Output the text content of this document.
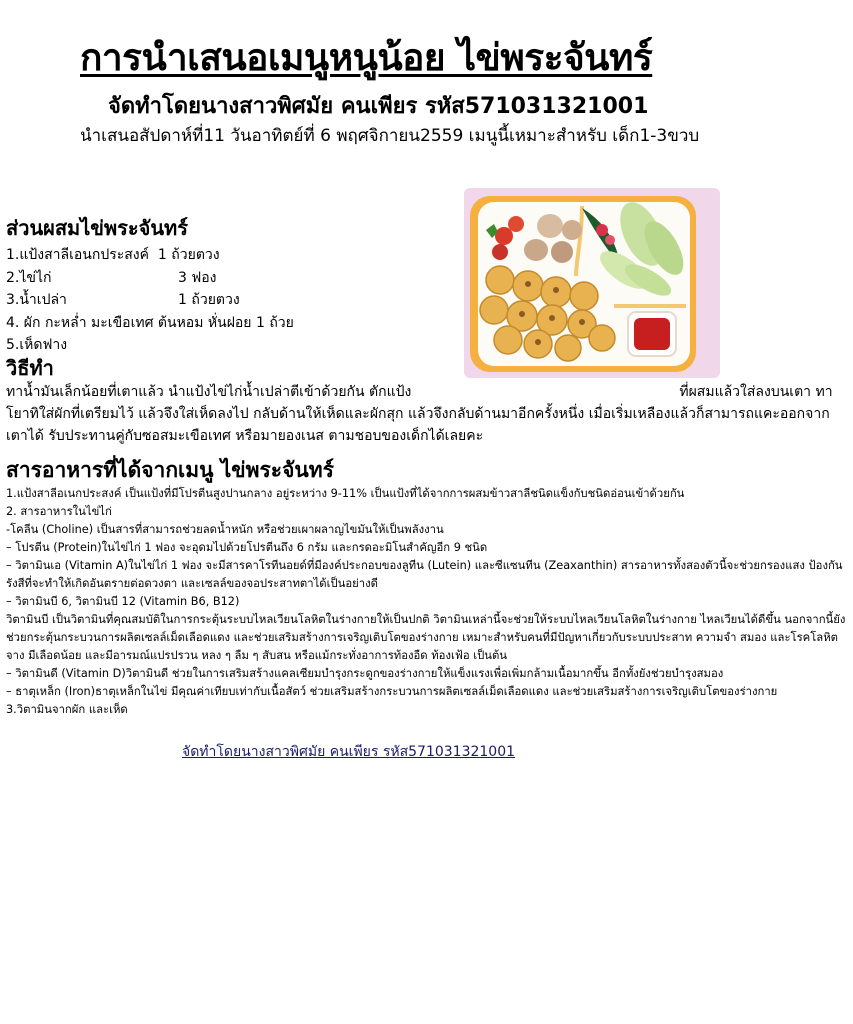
การนำเสนอเมนูหนูน้อย ไข่พระจันทร์
จัดทำโดยนางสาวพิศมัย คนเพียร รหัส571031321001
นำเสนอสัปดาห์ที่11 วันอาทิตย์ที่ 6 พฤศจิกายน2559 เมนูนี้เหมาะสำหรับ เด็ก1-3ขวบ
ส่วนผสมไข่พระจันทร์
1.แป้งสาลีเอนกประสงค์ 1 ถ้วยตวง
2.ไข่ไก่	3 ฟอง
3.น้ำเปล่า	1 ถ้วยตวง
4. ผัก กะหล่ำ มะเขือเทศ ต้นหอม หั่นฝอย 1 ถ้วย
5.เห็ดฟาง
วิธีทำ
ทาน้ำมันเล็กน้อยที่เตาแล้ว นำแป้งไข่ไก่น้ำเปล่าตีเข้าด้วยกัน ตักแป้ง	ที่ผสมแล้วใส่ลงบนเตา ทาโยาทิใส่ผักที่เตรียมไว้ แล้วจึงใส่เห็ดลงไป กลับด้านให้เห็ดและผักสุก แล้วจึงกลับด้านมาอีกครั้งหนึ่ง เมื่อเริ่มเหลืองแล้วก็สามารถแคะออกจากเตาได้ รับประทานคู่กับซอสมะเขือเทศ หรือมายองเนส ตามชอบของเด็กได้เลยคะ
สารอาหารที่ได้จากเมนู ไข่พระจันทร์

1.แป้งสาลีอเนกประสงค์ เป็นแป้งที่มีโปรตีนสูงปานกลาง อยู่ระหว่าง 9-11% เป็นแป้งที่ได้จากการผสมข้าวสาลีชนิดแข็งกับชนิดอ่อนเข้าด้วยกัน

2. สารอาหารในไข่ไก่

-โคลีน (Choline) เป็นสารที่สามารถช่วยลดน้ำหนัก หรือช่วยเผาผลาญไขมันให้เป็นพลังงาน

– โปรตีน (Protein)ในไข่ไก่ 1 ฟอง จะอุดมไปด้วยโปรตีนถึง 6 กรัม และกรดอะมิโนสำคัญอีก 9 ชนิด

– วิตามินเอ (Vitamin A)ในไข่ไก่ 1 ฟอง จะมีสารคาโรทีนอยด์ที่มีองค์ประกอบของลูทีน (Lutein) และซีแซนทีน (Zeaxanthin) สารอาหารทั้งสองตัวนี้จะช่วยกรองแสง ป้องกันรังสีที่จะทำให้เกิดอันตรายต่อดวงตา และเซลล์ของจอประสาทตาได้เป็นอย่างดี

– วิตามินบี 6, วิตามินบี 12 (Vitamin B6, B12)

วิตามินบี เป็นวิตามินที่คุณสมบัติในการกระตุ้นระบบไหลเวียนโลหิตในร่างกายให้เป็นปกติ วิตามินเหล่านี้จะช่วยให้ระบบไหลเวียนโลหิตในร่างกาย ไหลเวียนได้ดีขึ้น นอกจากนี้ยังช่วยกระตุ้นกระบวนการผลิตเซลล์เม็ดเลือดแดง และช่วยเสริมสร้างการเจริญเติบโตของร่างกาย เหมาะสำหรับคนที่มีปัญหาเกี่ยวกับระบบประสาท ความจำ สมอง และโรคโลหิตจาง มีเลือดน้อย และมีอารมณ์แปรปรวน หลง ๆ ลืม ๆ สับสน หรือแม้กระทั่งอาการท้องอืด ท้องเฟ้อ เป็นต้น

– วิตามินดี (Vitamin D)วิตามินดี ช่วยในการเสริมสร้างแคลเซียมบำรุงกระดูกของร่างกายให้แข็งแรงเพื่อเพิ่มกล้ามเนื้อมากขึ้น อีกทั้งยังช่วยบำรุงสมอง

– ธาตุเหล็ก (Iron)ธาตุเหล็กในไข่ มีคุณค่าเทียบเท่ากับเนื้อสัตว์ ช่วยเสริมสร้างกระบวนการผลิตเซลล์เม็ดเลือดแดง และช่วยเสริมสร้างการเจริญเติบโตของร่างกาย

3.วิตามินจากผัก และเห็ด

จัดทำโดยนางสาวพิศมัย คนเพียร รหัส571031321001
